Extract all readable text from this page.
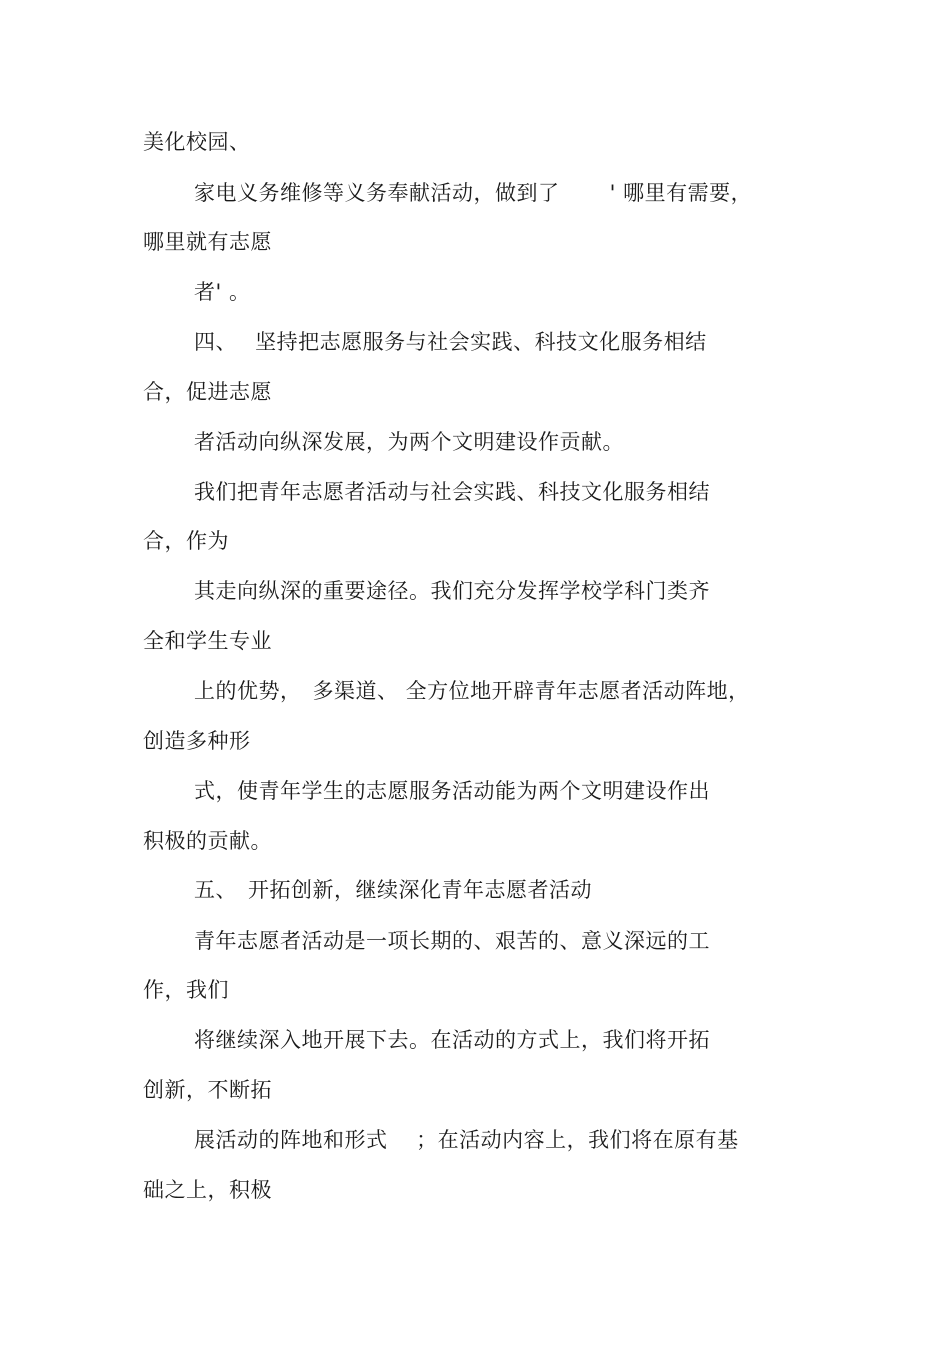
美化校园、
家电义务维修等义务奉献活动，做到了　　 ' 哪里有需要，
哪里就有志愿
者' 。
四、　 坚持把志愿服务与社会实践、科技文化服务相结
合，促进志愿
者活动向纵深发展，为两个文明建设作贡献。
我们把青年志愿者活动与社会实践、科技文化服务相结
合，作为
其走向纵深的重要途径。我们充分发挥学校学科门类齐
全和学生专业
上的优势，　多渠道、 全方位地开辟青年志愿者活动阵地，
创造多种形
式，使青年学生的志愿服务活动能为两个文明建设作出
积极的贡献。
五、　开拓创新，继续深化青年志愿者活动
青年志愿者活动是一项长期的、艰苦的、意义深远的工
作，我们
将继续深入地开展下去。在活动的方式上，我们将开拓
创新，不断拓
展活动的阵地和形式　 ；在活动内容上，我们将在原有基
础之上，积极
